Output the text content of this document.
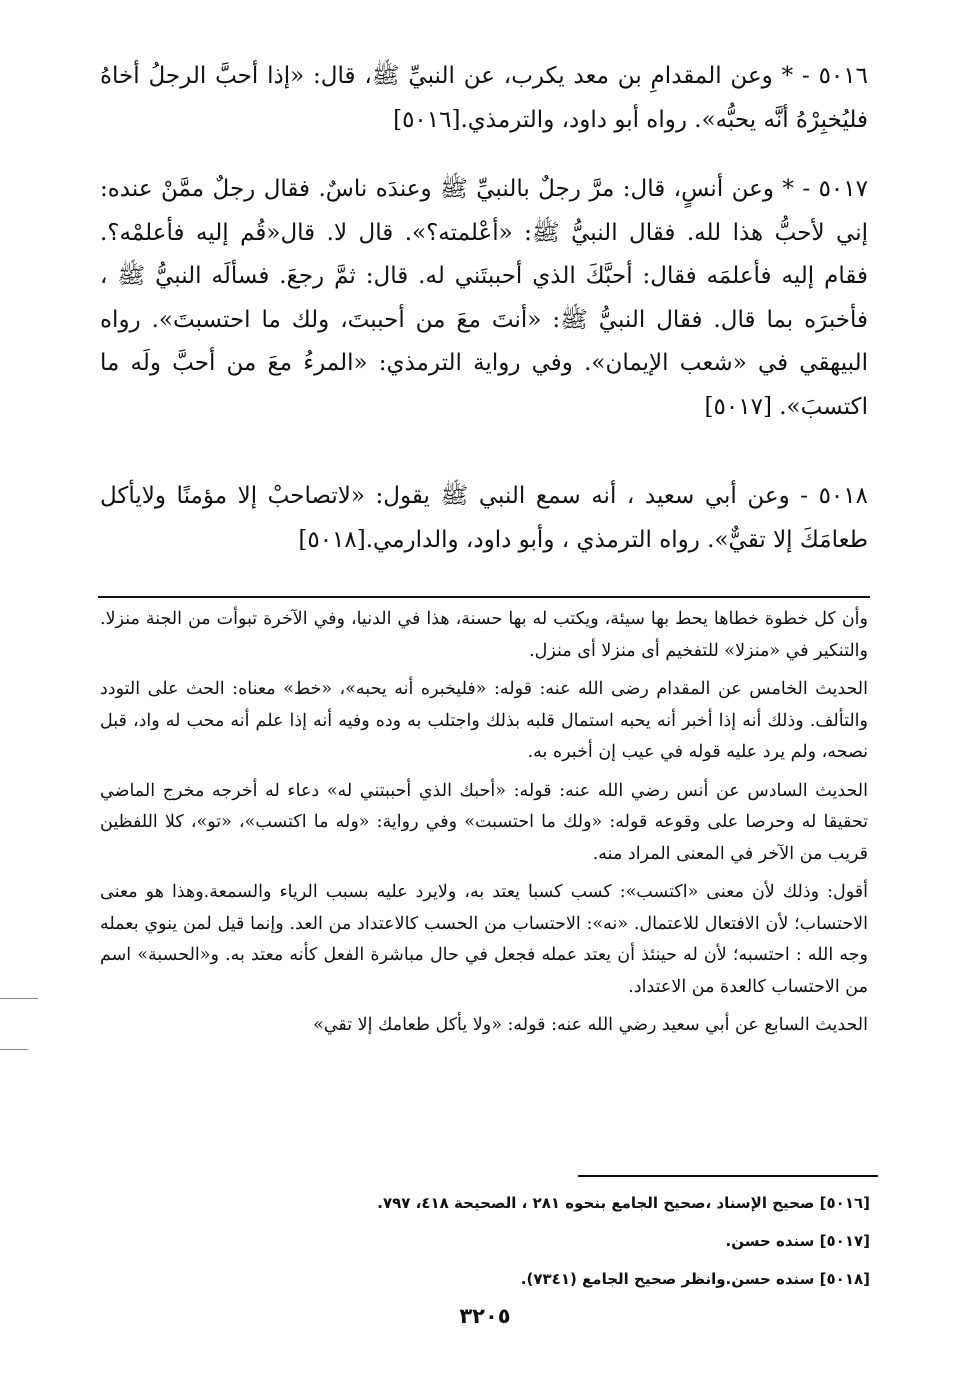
٥٠١٦ - * وعن المقدامِ بن معد يكرب، عن النبيِّ ﷺ، قال: «إذا أحبَّ الرجلُ أخاهُ فليُخبِرْهُ أنَّه يحبُّه». رواه أبو داود، والترمذي.[٥٠١٦]

٥٠١٧ - * وعن أنسٍ، قال: مرَّ رجلٌ بالنبيِّ ﷺ وعندَه ناسٌ. فقال رجلٌ ممَّنْ عنده: إني لأحبُّ هذا لله. فقال النبيُّ ﷺ: «أعْلمته؟». قال لا. قال«قُم إليه فأعلمْه؟. فقام إليه فأعلمَه فقال: أحبَّكَ الذي أحببتَني له. قال: ثمَّ رجعَ. فسألَه النبيُّ ﷺ ، فأخبرَه بما قال. فقال النبيُّ ﷺ: «أنتَ معَ من أحببتَ، ولك ما احتسبتَ». رواه البيهقي في «شعب الإيمان». وفي رواية الترمذي: «المرءُ معَ من أحبَّ ولَه ما اكتسبَ». [٥٠١٧]

٥٠١٨ - وعن أبي سعيد ، أنه سمع النبي ﷺ يقول: «لاتصاحبْ إلا مؤمنًا ولايأكل طعامَكَ إلا تقيٌّ». رواه الترمذي ، وأبو داود، والدارمي.[٥٠١٨]

وأن كل خطوة خطاها يحط بها سيئة، ويكتب له بها حسنة، هذا في الدنيا، وفي الآخرة تبوأت من الجنة منزلا. والتنكير في «منزلا» للتفخيم أى منزلا أى منزل.

الحديث الخامس عن المقدام رضى الله عنه: قوله: «فليخبره أنه يحبه»، «خط» معناه: الحث على التودد والتألف. وذلك أنه إذا أخبر أنه يحبه استمال قلبه بذلك واجتلب به وده وفيه أنه إذا علم أنه محب له واد، قبل نصحه، ولم يرد عليه قوله في عيب إن أخبره به.

الحديث السادس عن أنس رضي الله عنه: قوله: «أحبك الذي أحببتني له» دعاء له أخرجه مخرج الماضي تحقيقا له وحرصا على وقوعه قوله: «ولك ما احتسبت» وفي رواية: «وله ما اكتسب»، «تو»، كلا اللفظين قريب من الآخر في المعنى المراد منه.

أقول: وذلك لأن معنى «اكتسب»: كسب كسبا يعتد به، ولايرد عليه بسبب الرياء والسمعة.وهذا هو معنى الاحتساب؛ لأن الافتعال للاعتمال. «نه»: الاحتساب من الحسب كالاعتداد من العد. وإنما قيل لمن ينوي بعمله وجه الله : احتسبه؛ لأن له حينئذ أن يعتد عمله فجعل في حال مباشرة الفعل كأنه معتد به. و«الحسبة» اسم من الاحتساب كالعدة من الاعتداد.

الحديث السابع عن أبي سعيد رضي الله عنه: قوله: «ولا يأكل طعامك إلا تقي»

[٥٠١٦] صحيح الإسناد ،صحيح الجامع بنحوه ٢٨١ ، الصحيحة ٤١٨، ٧٩٧.

[٥٠١٧] سنده حسن.

[٥٠١٨] سنده حسن.وانظر صحيح الجامع (٧٣٤١).

٣٢٠٥
